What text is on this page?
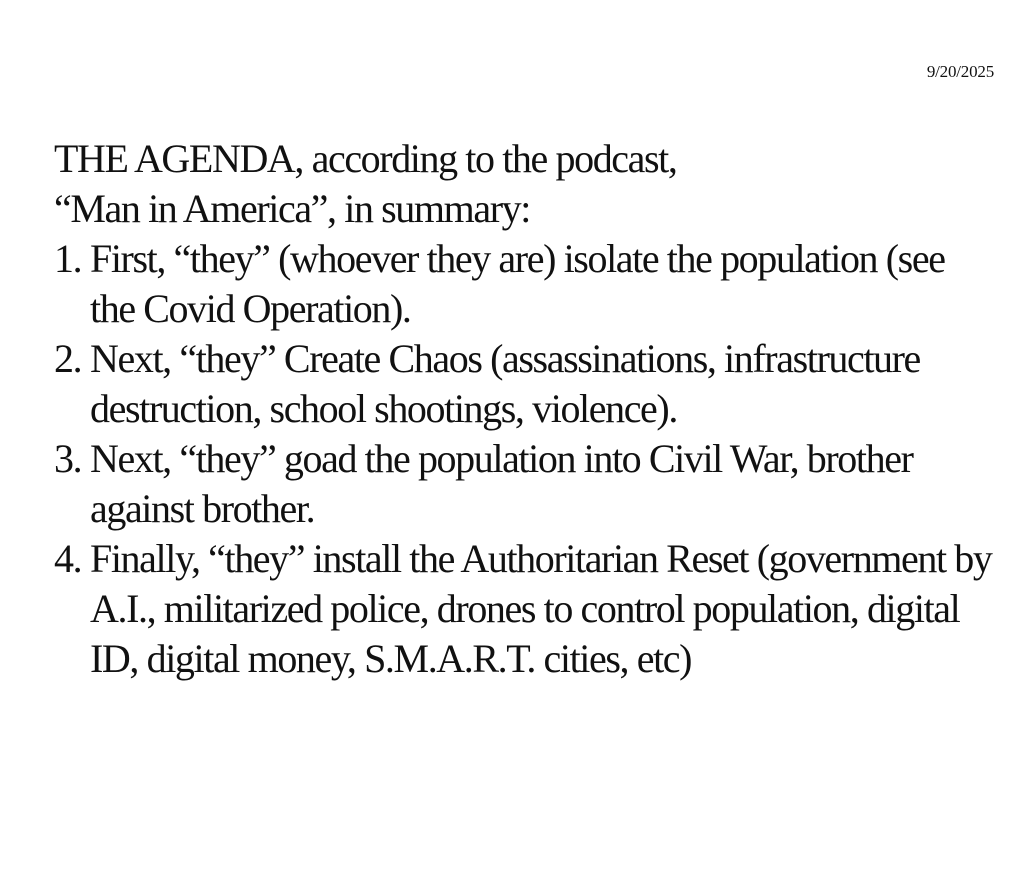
9/20/2025
THE AGENDA, according to the podcast,
“Man in America”, in summary:
1. First, “they” (whoever they are) isolate the population (see the Covid Operation).
2. Next, “they” Create Chaos (assassinations, infrastructure destruction, school shootings, violence).
3. Next, “they” goad the population into Civil War, brother against brother.
4. Finally, “they” install the Authoritarian Reset (government by A.I., militarized police, drones to control population, digital ID, digital money, S.M.A.R.T. cities, etc)
